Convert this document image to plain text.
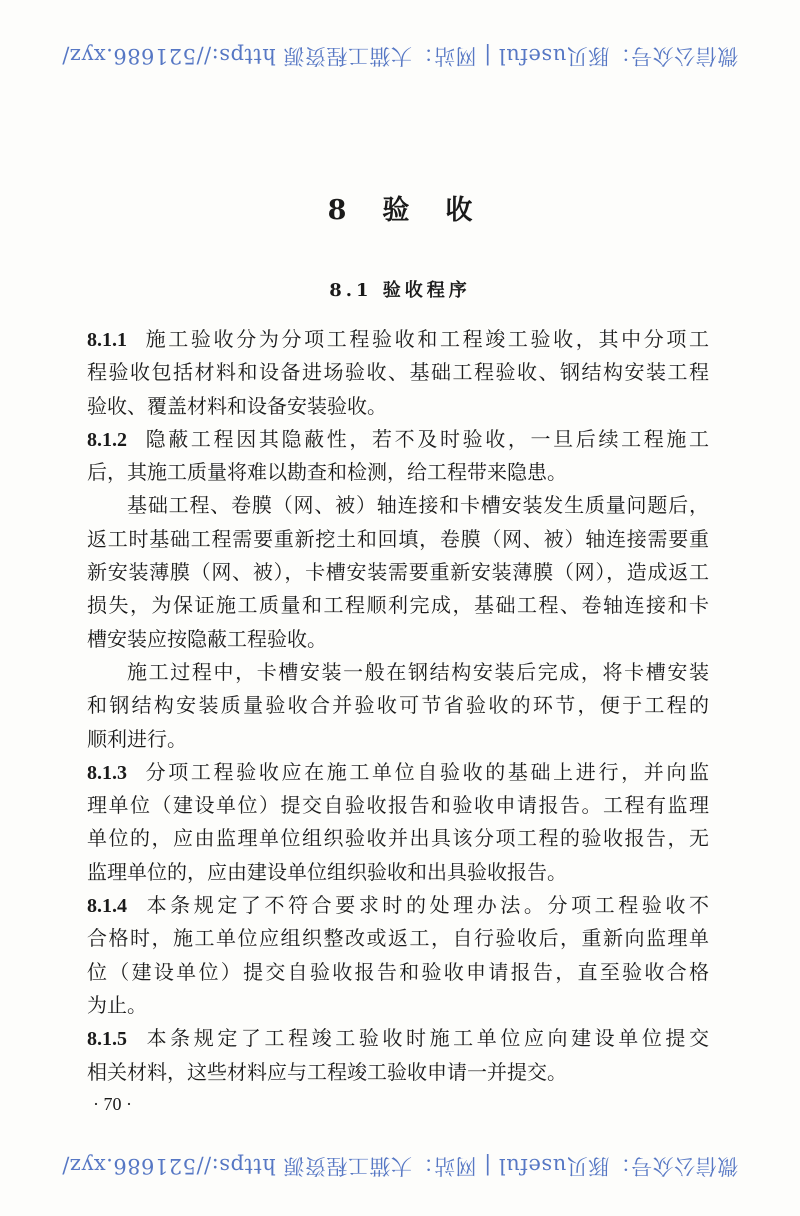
微信公众号：豚贝useful | 网站：大猫工程资源 https://521686.xyz/
8 验 收
8.1 验收程序
8.1.1 施工验收分为分项工程验收和工程竣工验收，其中分项工
程验收包括材料和设备进场验收、基础工程验收、钢结构安装工程
验收、覆盖材料和设备安装验收。
8.1.2 隐蔽工程因其隐蔽性，若不及时验收，一旦后续工程施工
后，其施工质量将难以勘查和检测，给工程带来隐患。
基础工程、卷膜（网、被）轴连接和卡槽安装发生质量问题后，
返工时基础工程需要重新挖土和回填，卷膜（网、被）轴连接需要重
新安装薄膜（网、被），卡槽安装需要重新安装薄膜（网），造成返工
损失，为保证施工质量和工程顺利完成，基础工程、卷轴连接和卡
槽安装应按隐蔽工程验收。
施工过程中，卡槽安装一般在钢结构安装后完成，将卡槽安装
和钢结构安装质量验收合并验收可节省验收的环节，便于工程的
顺利进行。
8.1.3 分项工程验收应在施工单位自验收的基础上进行，并向监
理单位（建设单位）提交自验收报告和验收申请报告。工程有监理
单位的，应由监理单位组织验收并出具该分项工程的验收报告，无
监理单位的，应由建设单位组织验收和出具验收报告。
8.1.4 本条规定了不符合要求时的处理办法。分项工程验收不
合格时，施工单位应组织整改或返工，自行验收后，重新向监理单
位（建设单位）提交自验收报告和验收申请报告，直至验收合格
为止。
8.1.5 本条规定了工程竣工验收时施工单位应向建设单位提交
相关材料，这些材料应与工程竣工验收申请一并提交。
· 70 ·
微信公众号：豚贝useful | 网站：大猫工程资源 https://521686.xyz/
